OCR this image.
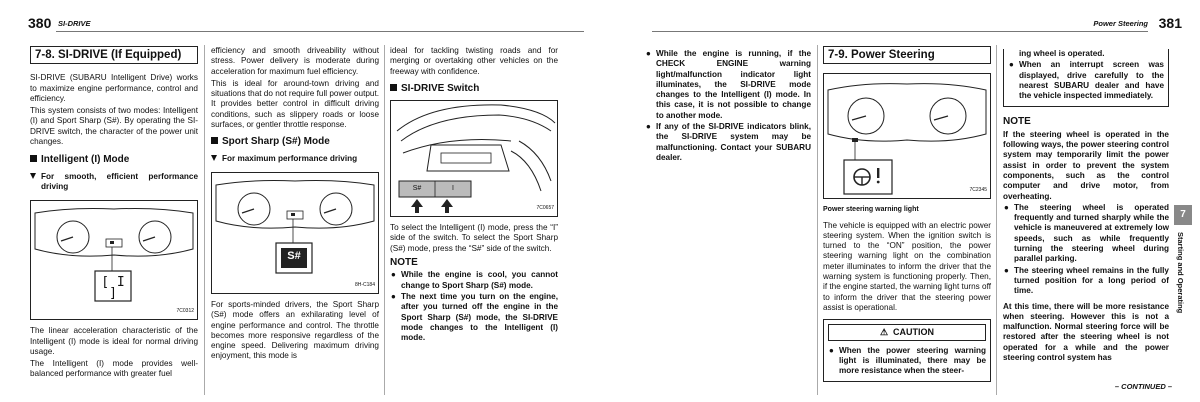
380 SI-DRIVE
7-8. SI-DRIVE (If Equipped)

SI-DRIVE (SUBARU Intelligent Drive) works to maximize engine performance, control and efficiency.

This system consists of two modes: Intelligent (I) and Sport Sharp (S#). By operating the SI-DRIVE switch, the character of the power unit changes.

Intelligent (I) Mode
For smooth, efficient performance driving
[ I ]
7C0312

The linear acceleration characteristic of the Intelligent (I) mode is ideal for normal driving usage.

The Intelligent (I) mode provides well-balanced performance with greater fuel

efficiency and smooth driveability without stress. Power delivery is moderate during acceleration for maximum fuel efficiency.

This is ideal for around-town driving and situations that do not require full power output. It provides better control in difficult driving conditions, such as slippery roads or loose surfaces, or gentler throttle response.

Sport Sharp (S#) Mode
For maximum performance driving
S#
8H-C184

For sports-minded drivers, the Sport Sharp (S#) mode offers an exhilarating level of engine performance and control. The throttle becomes more responsive regardless of the engine speed. Delivering maximum driving enjoyment, this mode is

ideal for tackling twisting roads and for merging or overtaking other vehicles on the freeway with confidence.

SI-DRIVE Switch
S#	I
7C0657

To select the Intelligent (I) mode, press the “I” side of the switch. To select the Sport Sharp (S#) mode, press the “S#” side of the switch.

NOTE
● While the engine is cool, you cannot change to Sport Sharp (S#) mode.
● The next time you turn on the engine, after you turned off the engine in the Sport Sharp (S#) mode, the SI-DRIVE mode changes to the Intelligent (I) mode.
Power Steering 381
● While the engine is running, if the CHECK ENGINE warning light/malfunction indicator light illuminates, the SI-DRIVE mode changes to the Intelligent (I) mode. In this case, it is not possible to change to another mode.
● If any of the SI-DRIVE indicators blink, the SI-DRIVE system may be malfunctioning. Contact your SUBARU dealer.
7-9. Power Steering
7C2345
Power steering warning light

The vehicle is equipped with an electric power steering system. When the ignition switch is turned to the “ON” position, the power steering warning light on the combination meter illuminates to inform the driver that the warning system is functioning properly. Then, if the engine started, the warning light turns off to inform the driver that the steering power assist is operational.

⚠ CAUTION
● When the power steering warning light is illuminated, there may be more resistance when the steer-
ing wheel is operated.
● When an interrupt screen was displayed, drive carefully to the nearest SUBARU dealer and have the vehicle inspected immediately.
NOTE

If the steering wheel is operated in the following ways, the power steering control system may temporarily limit the power assist in order to prevent the system components, such as the control computer and drive motor, from overheating.

● The steering wheel is operated frequently and turned sharply while the vehicle is maneuvered at extremely low speeds, such as while frequently turning the steering wheel during parallel parking.
● The steering wheel remains in the fully turned position for a long period of time.

At this time, there will be more resistance when steering. However this is not a malfunction. Normal steering force will be restored after the steering wheel is not operated for a while and the power steering control system has

7
Starting and Operating
– CONTINUED –
